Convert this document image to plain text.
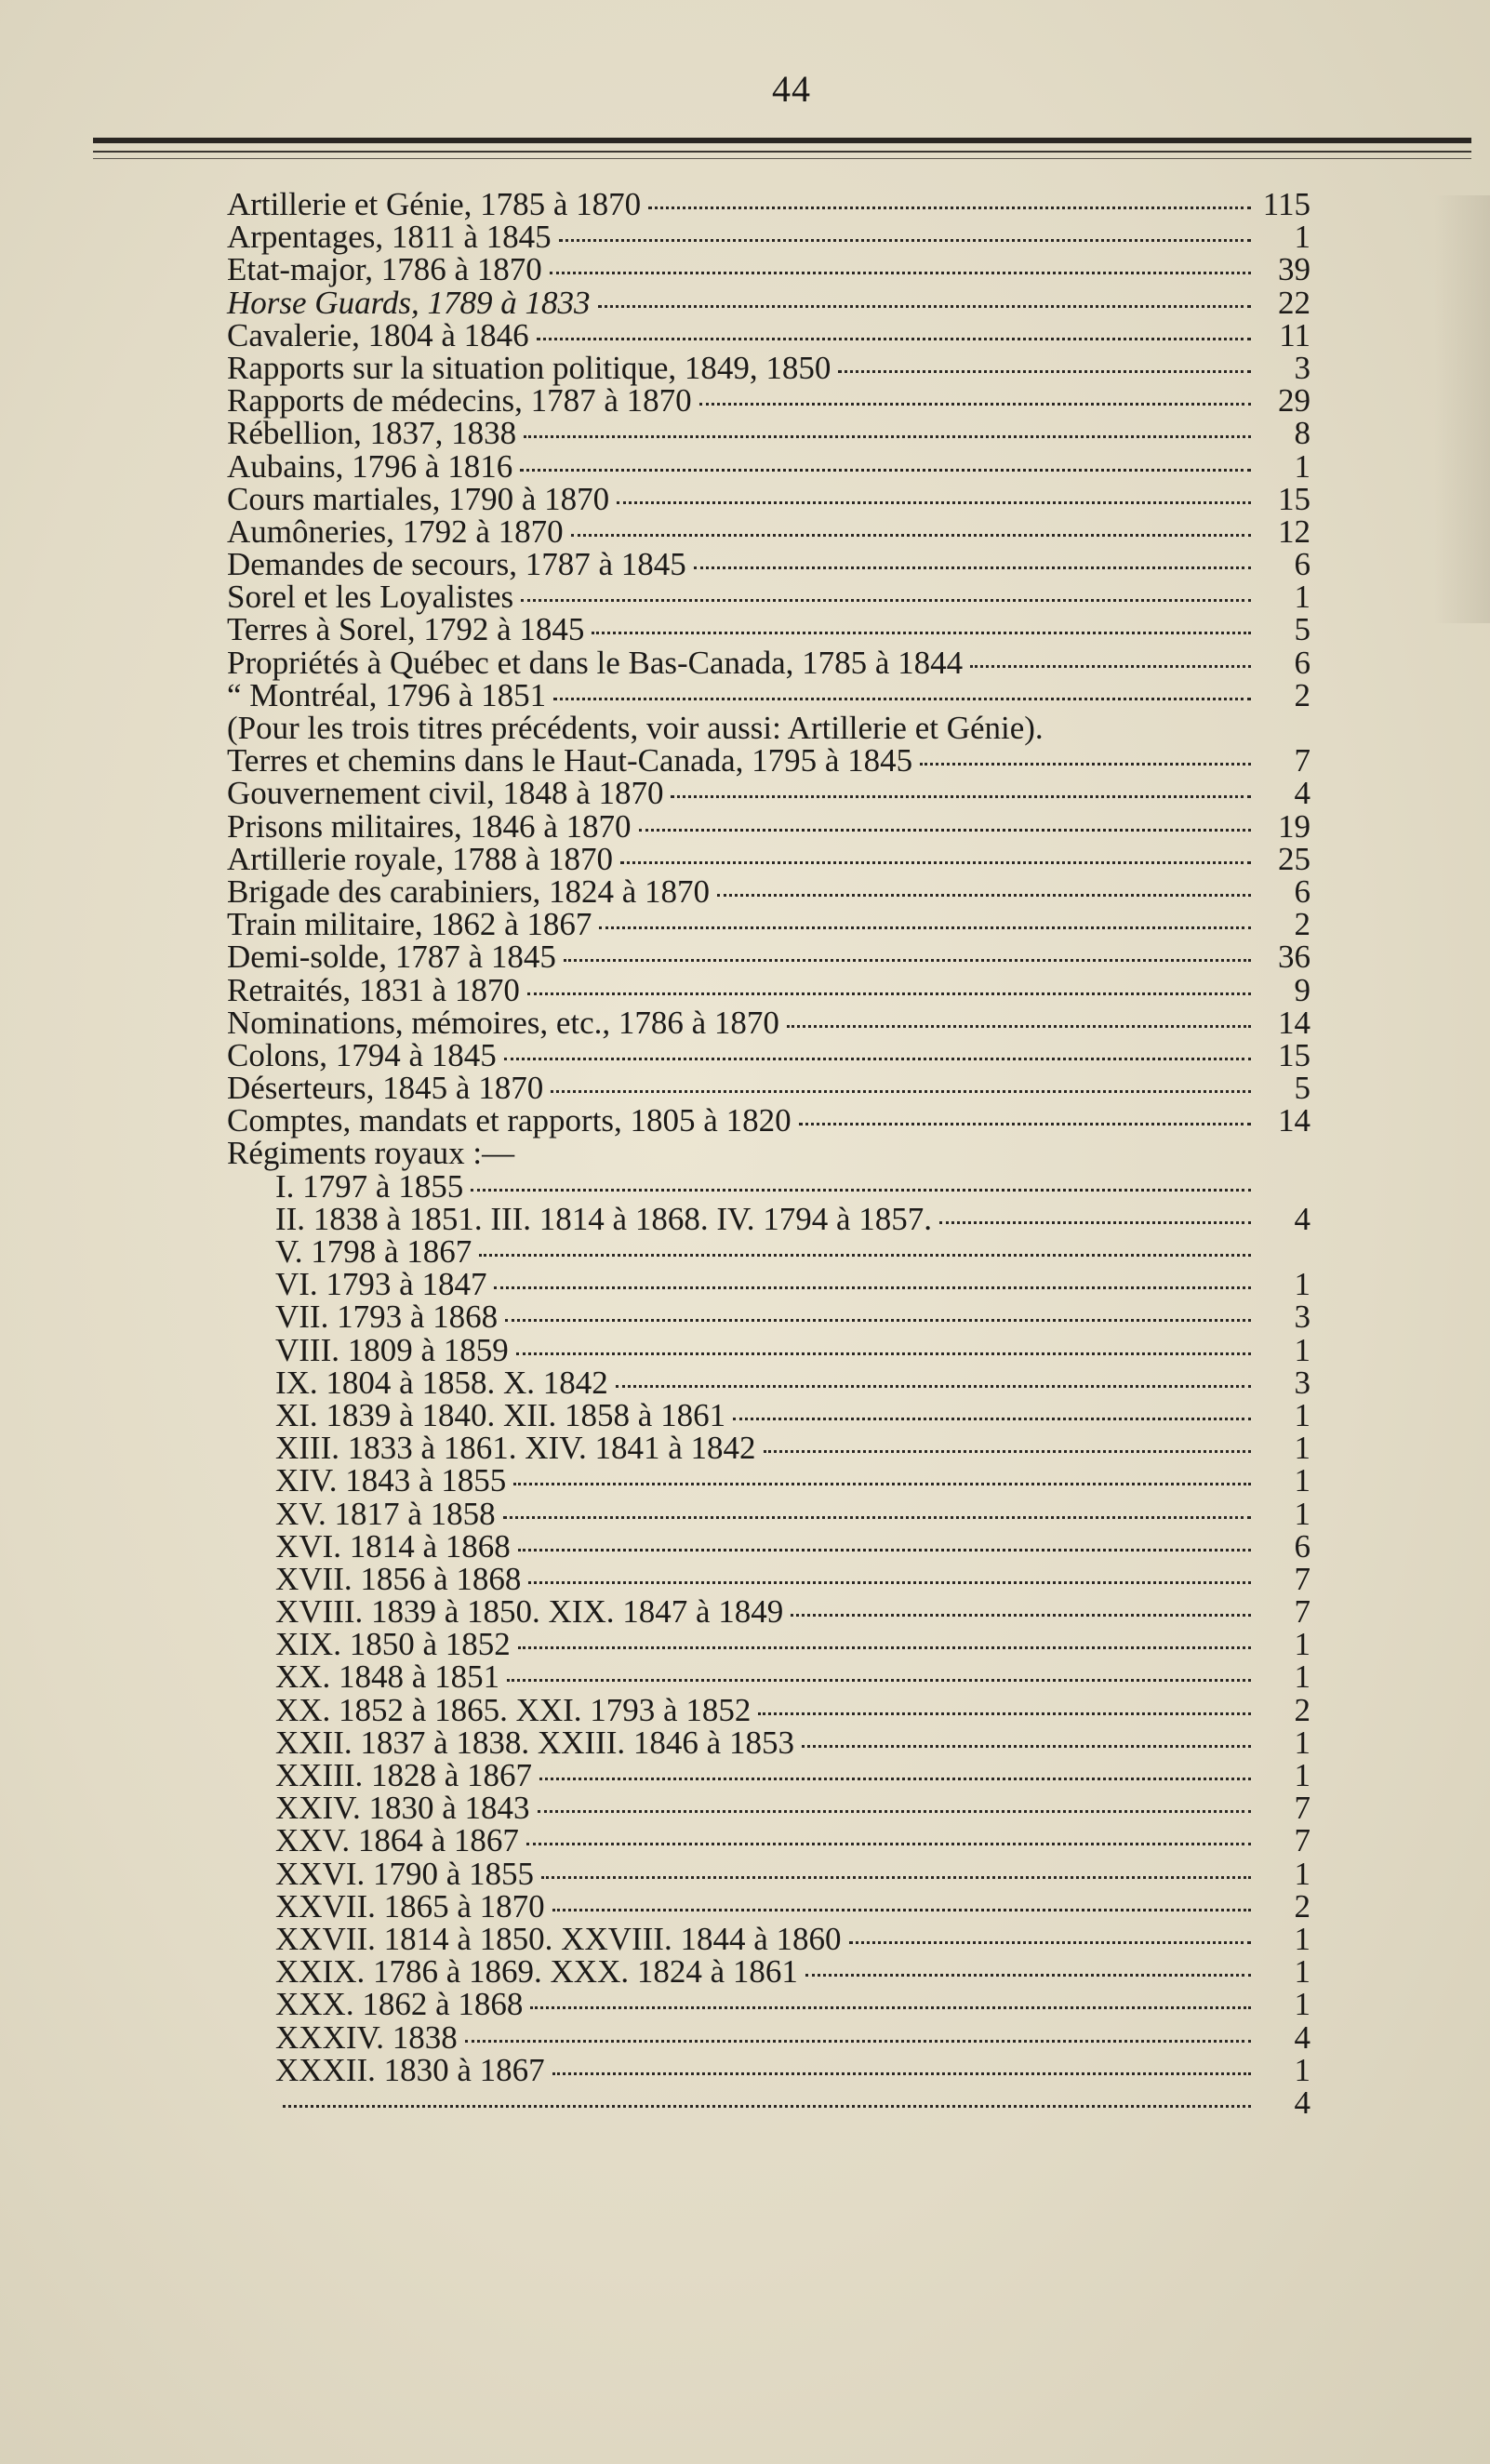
44
Artillerie et Génie, 1785 à 1870	115
Arpentages, 1811 à 1845	1
Etat-major, 1786 à 1870	39
Horse Guards, 1789 à 1833	22
Cavalerie, 1804 à 1846	11
Rapports sur la situation politique, 1849, 1850	3
Rapports de médecins, 1787 à 1870	29
Rébellion, 1837, 1838	8
Aubains, 1796 à 1816	1
Cours martiales, 1790 à 1870	15
Aumôneries, 1792 à 1870	12
Demandes de secours, 1787 à 1845	6
Sorel et les Loyalistes	1
Terres à Sorel, 1792 à 1845	5
Propriétés à Québec et dans le Bas-Canada, 1785 à 1844	6
“ Montréal, 1796 à 1851	2
(Pour les trois titres précédents, voir aussi: Artillerie et Génie).
Terres et chemins dans le Haut-Canada, 1795 à 1845	7
Gouvernement civil, 1848 à 1870	4
Prisons militaires, 1846 à 1870	19
Artillerie royale, 1788 à 1870	25
Brigade des carabiniers, 1824 à 1870	6
Train militaire, 1862 à 1867	2
Demi-solde, 1787 à 1845	36
Retraités, 1831 à 1870	9
Nominations, mémoires, etc., 1786 à 1870	14
Colons, 1794 à 1845	15
Déserteurs, 1845 à 1870	5
Comptes, mandats et rapports, 1805 à 1820	14
Régiments royaux :—
I. 1797 à 1855
II. 1838 à 1851. III. 1814 à 1868. IV. 1794 à 1857.	4
V. 1798 à 1867
VI. 1793 à 1847	1
VII. 1793 à 1868	3
VIII. 1809 à 1859	1
IX. 1804 à 1858. X. 1842	3
XI. 1839 à 1840. XII. 1858 à 1861	1
XIII. 1833 à 1861. XIV. 1841 à 1842	1
XIV. 1843 à 1855	1
XV. 1817 à 1858	1
XVI. 1814 à 1868	6
XVII. 1856 à 1868	7
XVIII. 1839 à 1850. XIX. 1847 à 1849	7
XIX. 1850 à 1852	1
XX. 1848 à 1851	1
XX. 1852 à 1865. XXI. 1793 à 1852	2
XXII. 1837 à 1838. XXIII. 1846 à 1853	1
XXIII. 1828 à 1867	1
XXIV. 1830 à 1843	7
XXV. 1864 à 1867	7
XXVI. 1790 à 1855	1
XXVII. 1865 à 1870	2
XXVII. 1814 à 1850. XXVIII. 1844 à 1860	1
XXIX. 1786 à 1869. XXX. 1824 à 1861	1
XXX. 1862 à 1868	1
XXXIV. 1838	4
XXXII. 1830 à 1867	1
4
